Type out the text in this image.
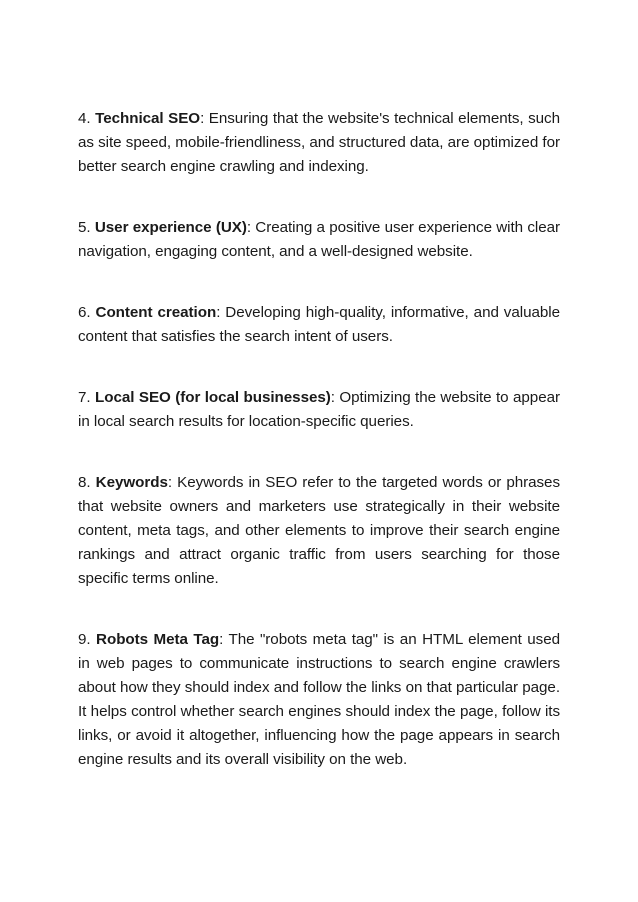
4. Technical SEO: Ensuring that the website's technical elements, such as site speed, mobile-friendliness, and structured data, are optimized for better search engine crawling and indexing.

5. User experience (UX): Creating a positive user experience with clear navigation, engaging content, and a well-designed website.

6. Content creation: Developing high-quality, informative, and valuable content that satisfies the search intent of users.

7. Local SEO (for local businesses): Optimizing the website to appear in local search results for location-specific queries.

8. Keywords: Keywords in SEO refer to the targeted words or phrases that website owners and marketers use strategically in their website content, meta tags, and other elements to improve their search engine rankings and attract organic traffic from users searching for those specific terms online.

9. Robots Meta Tag: The "robots meta tag" is an HTML element used in web pages to communicate instructions to search engine crawlers about how they should index and follow the links on that particular page. It helps control whether search engines should index the page, follow its links, or avoid it altogether, influencing how the page appears in search engine results and its overall visibility on the web.
